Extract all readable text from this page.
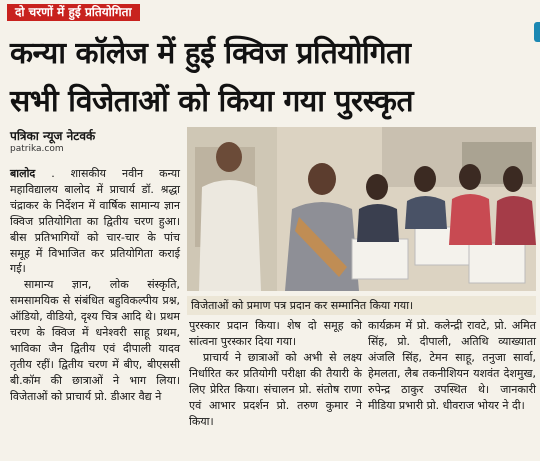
दो चरणों में हुई प्रतियोगिता
कन्या कॉलेज में हुई क्विज प्रतियोगिता
सभी विजेताओं को किया गया पुरस्कृत
पत्रिका न्यूज नेटवर्क
patrika.com

बालोद . शासकीय नवीन कन्या महाविद्यालय बालोद में प्राचार्य डॉ. श्रद्धा चंद्राकर के निर्देशन में वार्षिक सामान्य ज्ञान क्विज प्रतियोगिता का द्वितीय चरण हुआ। बीस प्रतिभागियों को चार-चार के पांच समूह में विभाजित कर प्रतियोगिता कराई गई।

सामान्य ज्ञान, लोक संस्कृति, समसामयिक से संबंधित बहुविकल्पीय प्रश्न, ऑडियो, वीडियो, दृश्य चित्र आदि थे। प्रथम चरण के क्विज में धनेश्वरी साहू प्रथम, भाविका जैन द्वितीय एवं दीपाली यादव तृतीय रहीं। द्वितीय चरण में बीए, बीएससी बी.कॉम की छात्राओं ने भाग लिया। विजेताओं को प्राचार्य प्रो. डीआर वैद्य ने

विजेताओं को प्रमाण पत्र प्रदान कर सम्मानित किया गया।

पुरस्कार प्रदान किया। शेष दो समूह को सांत्वना पुरस्कार दिया गया।

प्राचार्य ने छात्राओं को अभी से लक्ष्य निर्धारित कर प्रतियोगी परीक्षा की तैयारी के लिए प्रेरित किया। संचालन प्रो. संतोष राणा एवं आभार प्रदर्शन प्रो. तरुण कुमार ने किया।

कार्यक्रम में प्रो. कलेन्द्री रावटे, प्रो. अमित सिंह, प्रो. दीपाली, अतिथि व्याख्याता अंजलि सिंह, टेमन साहू, तनुजा सार्वा, हेमलता, लैब तकनीशियन यशवंत देशमुख, रुपेन्द्र ठाकुर उपस्थित थे। जानकारी मीडिया प्रभारी प्रो. धीवराज भोयर ने दी।
